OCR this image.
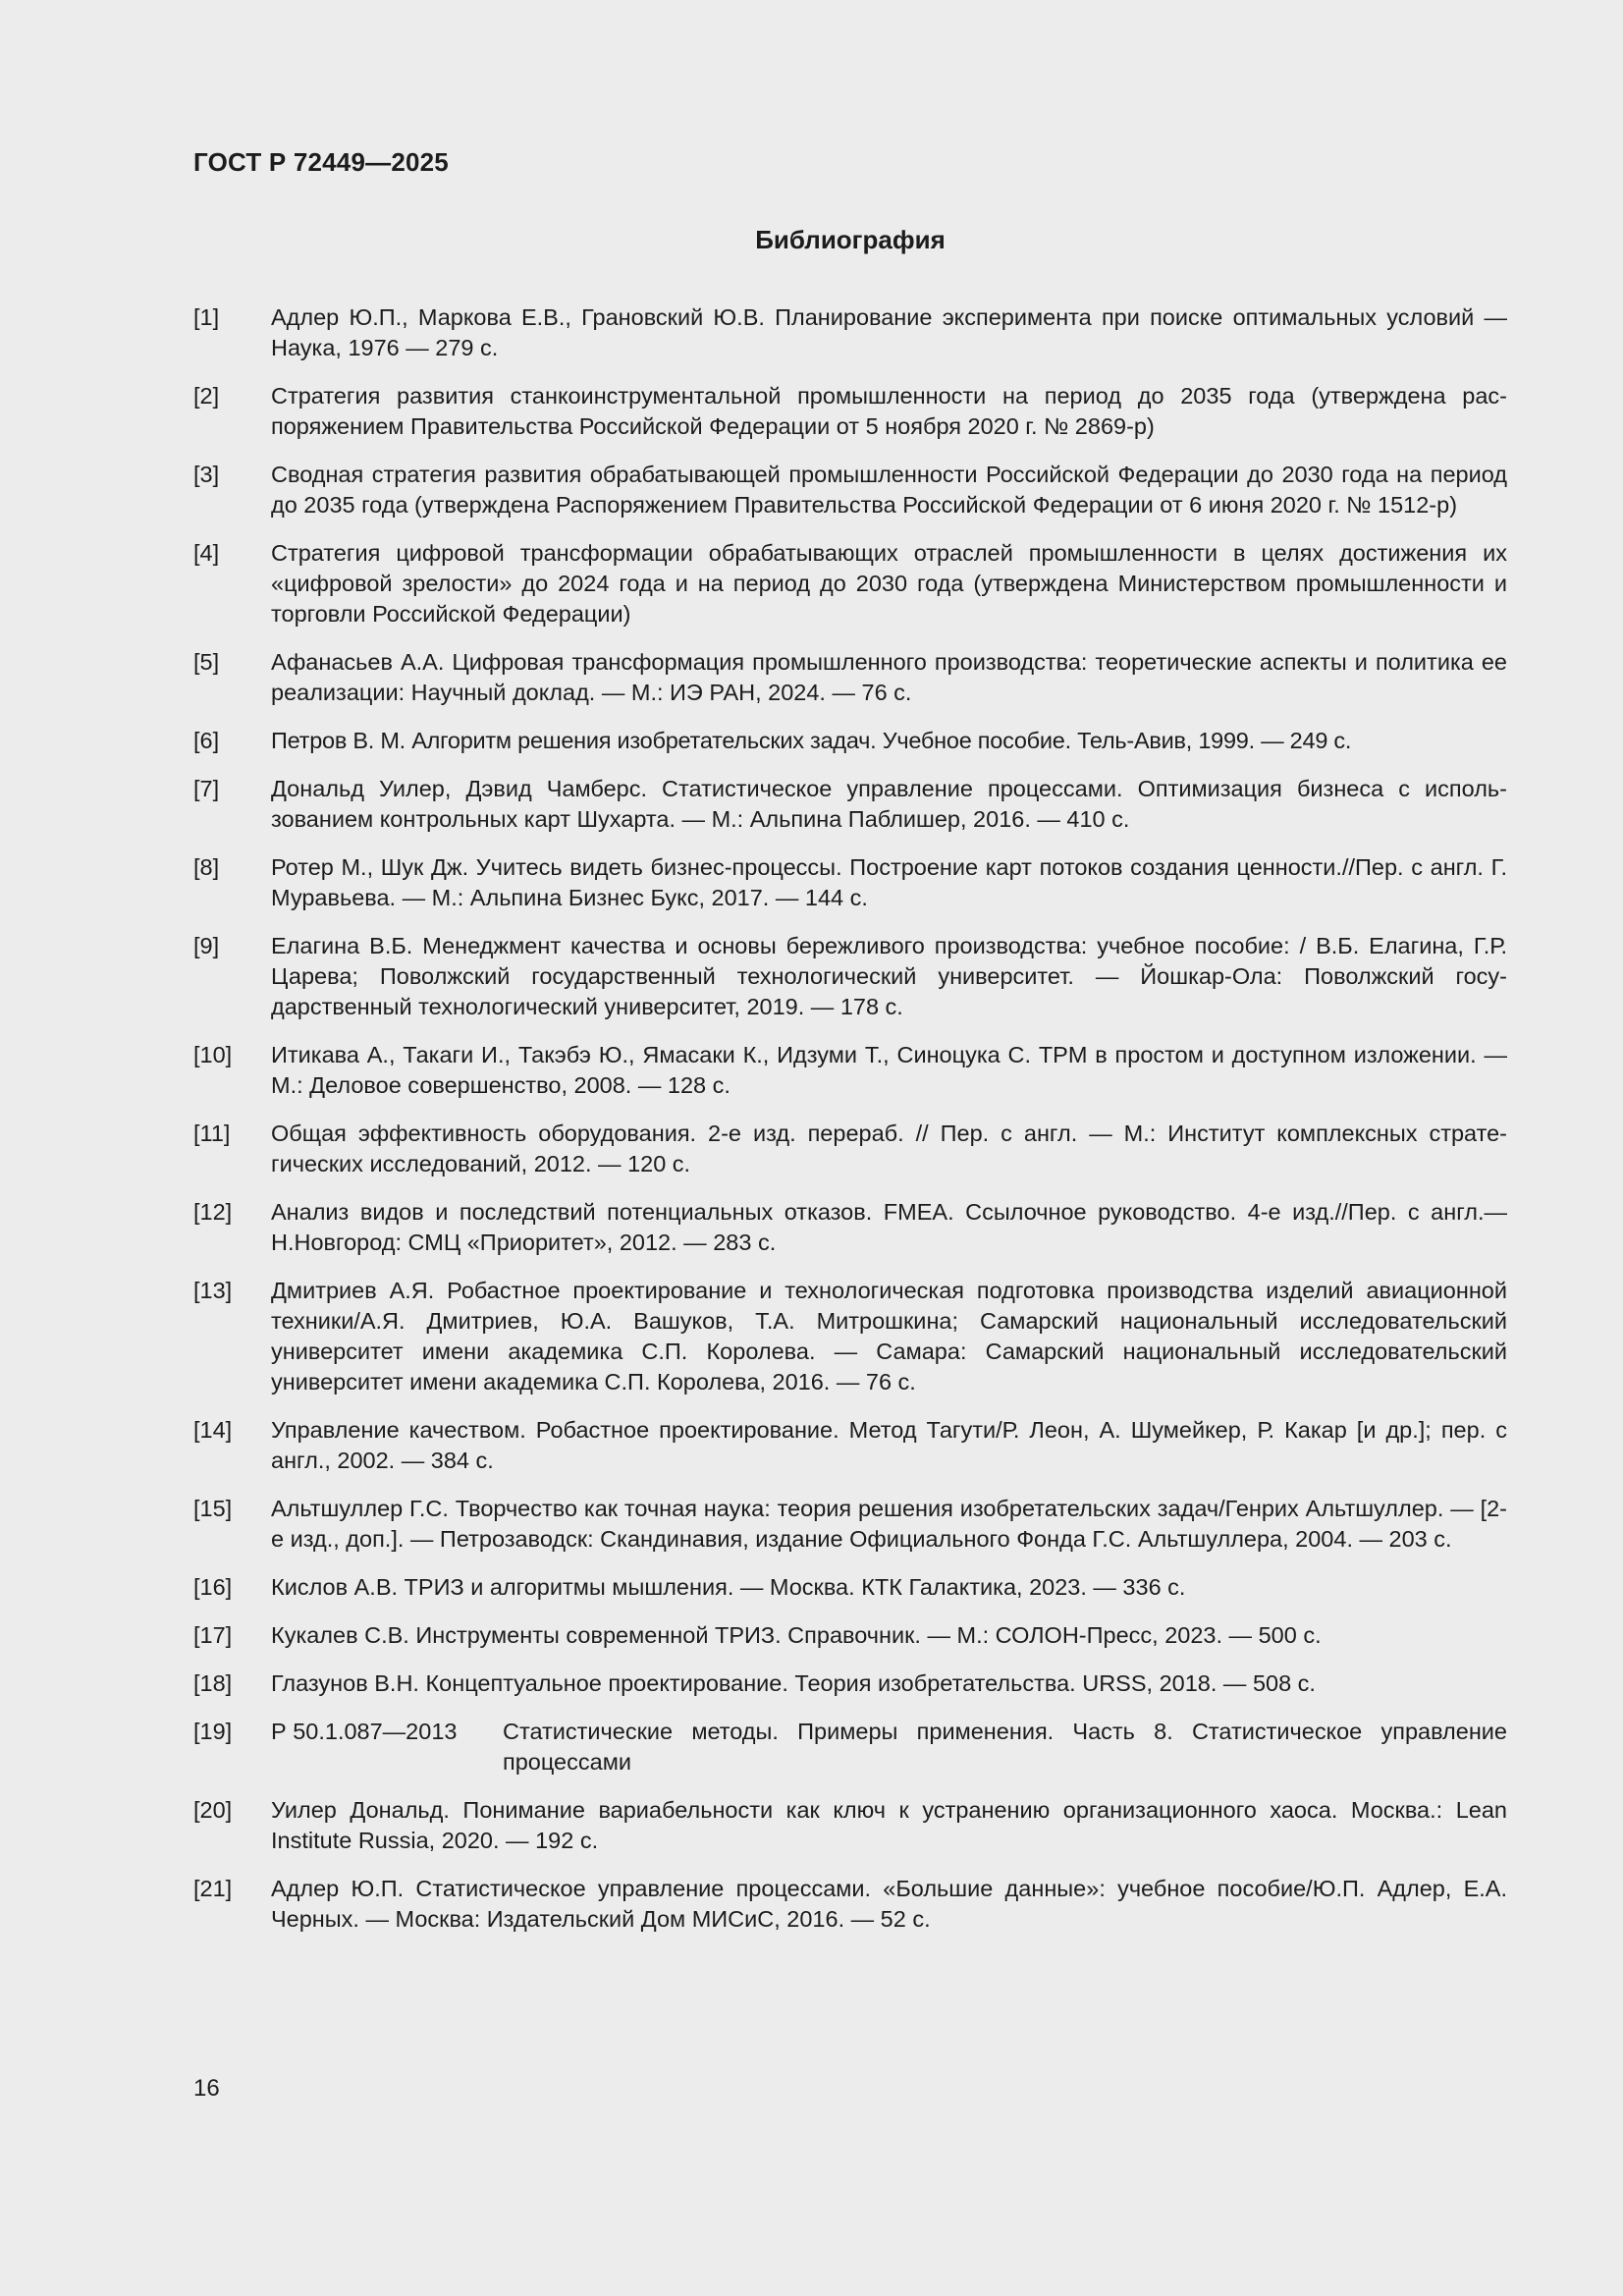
ГОСТ Р 72449—2025
Библиография
[1]	Адлер Ю.П., Маркова Е.В., Грановский Ю.В. Планирование эксперимента при поиске оптимальных условий — Наука, 1976 — 279 с.
[2]	Стратегия развития станкоинструментальной промышленности на период до 2035 года (утверждена распоряжением Правительства Российской Федерации от 5 ноября 2020 г. № 2869-р)
[3]	Сводная стратегия развития обрабатывающей промышленности Российской Федерации до 2030 года на период до 2035 года (утверждена Распоряжением Правительства Российской Федерации от 6 июня 2020 г. № 1512-р)
[4]	Стратегия цифровой трансформации обрабатывающих отраслей промышленности в целях достижения их «цифровой зрелости» до 2024 года и на период до 2030 года (утверждена Министерством промышленности и торговли Российской Федерации)
[5]	Афанасьев А.А. Цифровая трансформация промышленного производства: теоретические аспекты и политика ее реализации: Научный доклад. — М.: ИЭ РАН, 2024. — 76 с.
[6]	Петров В. М. Алгоритм решения изобретательских задач. Учебное пособие. Тель-Авив, 1999. — 249 с.
[7]	Дональд Уилер, Дэвид Чамберс. Статистическое управление процессами. Оптимизация бизнеса с использованием контрольных карт Шухарта. — М.: Альпина Паблишер, 2016. — 410 с.
[8]	Ротер М., Шук Дж. Учитесь видеть бизнес-процессы. Построение карт потоков создания ценности.//Пер. с англ. Г. Муравьева. — М.: Альпина Бизнес Букс, 2017. — 144 с.
[9]	Елагина В.Б. Менеджмент качества и основы бережливого производства: учебное пособие: / В.Б. Елагина, Г.Р. Царева; Поволжский государственный технологический университет. — Йошкар-Ола: Поволжский государственный технологический университет, 2019. — 178 с.
[10]	Итикава А., Такаги И., Такэбэ Ю., Ямасаки К., Идзуми Т., Синоцука С. TPM в простом и доступном изложении. — М.: Деловое совершенство, 2008. — 128 с.
[11]	Общая эффективность оборудования. 2-е изд. перераб. // Пер. с англ. — М.: Институт комплексных стратегических исследований, 2012. — 120 с.
[12]	Анализ видов и последствий потенциальных отказов. FMEA. Ссылочное руководство. 4-е изд.//Пер. с англ.— Н.Новгород: СМЦ «Приоритет», 2012. — 283 с.
[13]	Дмитриев А.Я. Робастное проектирование и технологическая подготовка производства изделий авиационной техники/А.Я. Дмитриев, Ю.А. Вашуков, Т.А. Митрошкина; Самарский национальный исследовательский университет имени академика С.П. Королева. — Самара: Самарский национальный исследовательский университет имени академика С.П. Королева, 2016. — 76 с.
[14]	Управление качеством. Робастное проектирование. Метод Тагути/Р. Леон, А. Шумейкер, Р. Какар [и др.]; пер. с англ., 2002. — 384 с.
[15]	Альтшуллер Г.С. Творчество как точная наука: теория решения изобретательских задач/Генрих Альтшуллер. — [2-е изд., доп.]. — Петрозаводск: Скандинавия, издание Официального Фонда Г.С. Альтшуллера, 2004. — 203 с.
[16]	Кислов А.В. ТРИЗ и алгоритмы мышления. — Москва. КТК Галактика, 2023. — 336 с.
[17]	Кукалев С.В. Инструменты современной ТРИЗ. Справочник. — М.: СОЛОН-Пресс, 2023. — 500 с.
[18]	Глазунов В.Н. Концептуальное проектирование. Теория изобретательства. URSS, 2018. — 508 с.
[19]	Р 50.1.087—2013	Статистические методы. Примеры применения. Часть 8. Статистическое управление процессами
[20]	Уилер Дональд. Понимание вариабельности как ключ к устранению организационного хаоса. Москва.: Lean Institute Russia, 2020. — 192 с.
[21]	Адлер Ю.П. Статистическое управление процессами. «Большие данные»: учебное пособие/Ю.П. Адлер, Е.А. Черных. — Москва: Издательский Дом МИСиС, 2016. — 52 с.
16
